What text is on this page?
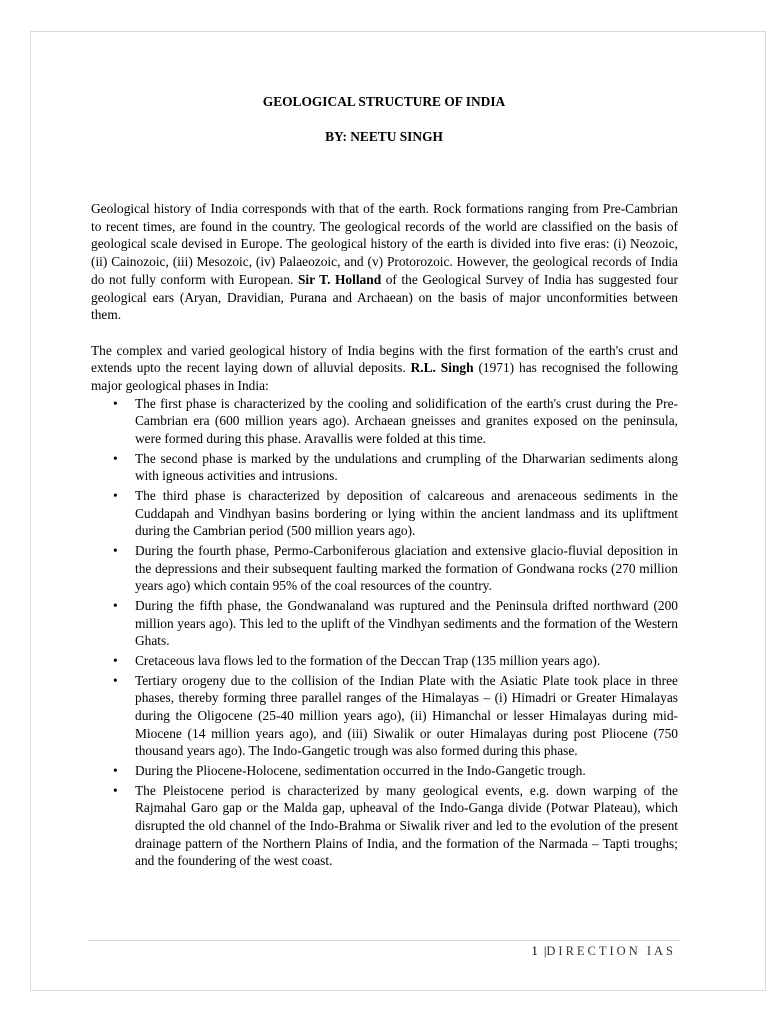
GEOLOGICAL STRUCTURE OF INDIA
BY: NEETU SINGH

Geological history of India corresponds with that of the earth. Rock formations ranging from Pre-Cambrian to recent times, are found in the country. The geological records of the world are classified on the basis of geological scale devised in Europe. The geological history of the earth is divided into five eras: (i) Neozoic, (ii) Cainozoic, (iii) Mesozoic, (iv) Palaeozoic, and (v) Protorozoic. However, the geological records of India do not fully conform with European. Sir T. Holland of the Geological Survey of India has suggested four geological ears (Aryan, Dravidian, Purana and Archaean) on the basis of major unconformities between them.

The complex and varied geological history of India begins with the first formation of the earth's crust and extends upto the recent laying down of alluvial deposits. R.L. Singh (1971) has recognised the following major geological phases in India:

• The first phase is characterized by the cooling and solidification of the earth's crust during the Pre-Cambrian era (600 million years ago). Archaean gneisses and granites exposed on the peninsula, were formed during this phase. Aravallis were folded at this time.
• The second phase is marked by the undulations and crumpling of the Dharwarian sediments along with igneous activities and intrusions.
• The third phase is characterized by deposition of calcareous and arenaceous sediments in the Cuddapah and Vindhyan basins bordering or lying within the ancient landmass and its upliftment during the Cambrian period (500 million years ago).
• During the fourth phase, Permo-Carboniferous glaciation and extensive glacio-fluvial deposition in the depressions and their subsequent faulting marked the formation of Gondwana rocks (270 million years ago) which contain 95% of the coal resources of the country.
• During the fifth phase, the Gondwanaland was ruptured and the Peninsula drifted northward (200 million years ago). This led to the uplift of the Vindhyan sediments and the formation of the Western Ghats.
• Cretaceous lava flows led to the formation of the Deccan Trap (135 million years ago).
• Tertiary orogeny due to the collision of the Indian Plate with the Asiatic Plate took place in three phases, thereby forming three parallel ranges of the Himalayas – (i) Himadri or Greater Himalayas during the Oligocene (25-40 million years ago), (ii) Himanchal or lesser Himalayas during mid-Miocene (14 million years ago), and (iii) Siwalik or outer Himalayas during post Pliocene (750 thousand years ago). The Indo-Gangetic trough was also formed during this phase.
• During the Pliocene-Holocene, sedimentation occurred in the Indo-Gangetic trough.
• The Pleistocene period is characterized by many geological events, e.g. down warping of the Rajmahal Garo gap or the Malda gap, upheaval of the Indo-Ganga divide (Potwar Plateau), which disrupted the old channel of the Indo-Brahma or Siwalik river and led to the evolution of the present drainage pattern of the Northern Plains of India, and the formation of the Narmada – Tapti troughs; and the foundering of the west coast.
1 |DIRECTION IAS
